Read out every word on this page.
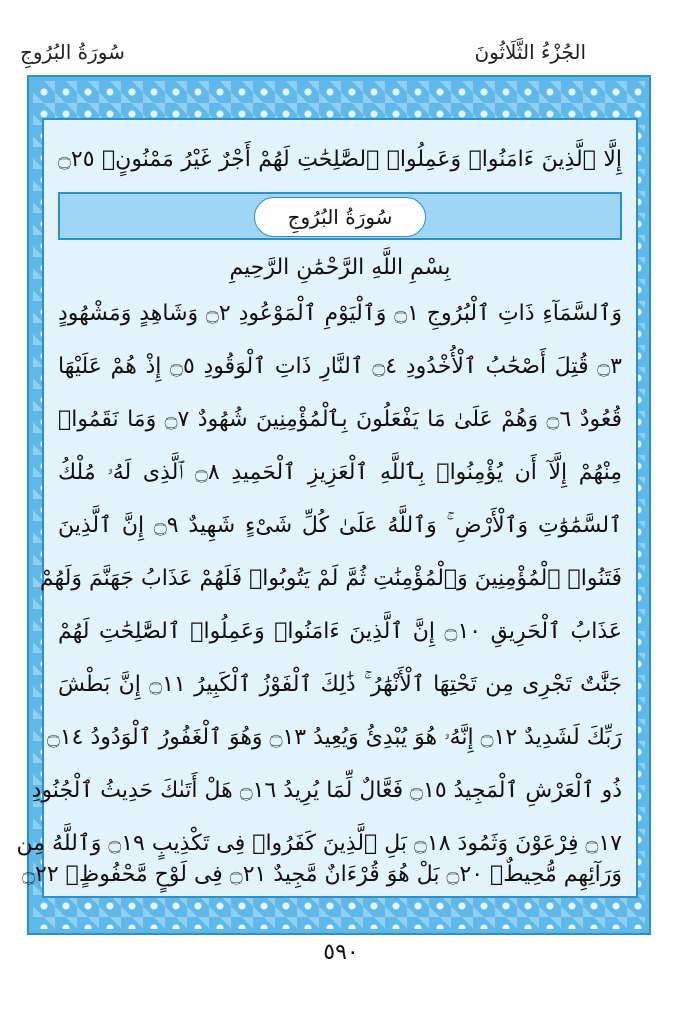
الجُزْءُ الثَّلَاثُونَ
سُورَةُ البُرُوجِ
إِلَّا ٱلَّذِينَ ءَامَنُوا۟ وَعَمِلُوا۟ ٱلصَّٰلِحَٰتِ لَهُمْ أَجْرٌ غَيْرُ مَمْنُونٍۭ ۝٢٥
سُورَةُ البُرُوجِ
بِسْمِ اللَّهِ الرَّحْمَٰنِ الرَّحِيمِ
وَٱلسَّمَآءِ ذَاتِ ٱلْبُرُوجِ ۝١ وَٱلْيَوْمِ ٱلْمَوْعُودِ ۝٢ وَشَاهِدٍ وَمَشْهُودٍ
۝٣ قُتِلَ أَصْحَٰبُ ٱلْأُخْدُودِ ۝٤ ٱلنَّارِ ذَاتِ ٱلْوَقُودِ ۝٥ إِذْ هُمْ عَلَيْهَا
قُعُودٌ ۝٦ وَهُمْ عَلَىٰ مَا يَفْعَلُونَ بِٱلْمُؤْمِنِينَ شُهُودٌ ۝٧ وَمَا نَقَمُوا۟
مِنْهُمْ إِلَّآ أَن يُؤْمِنُوا۟ بِٱللَّهِ ٱلْعَزِيزِ ٱلْحَمِيدِ ۝٨ ٱلَّذِى لَهُۥ مُلْكُ
ٱلسَّمَٰوَٰتِ وَٱلْأَرْضِ ۚ وَٱللَّهُ عَلَىٰ كُلِّ شَىْءٍ شَهِيدٌ ۝٩ إِنَّ ٱلَّذِينَ
فَتَنُوا۟ ٱلْمُؤْمِنِينَ وَٱلْمُؤْمِنَٰتِ ثُمَّ لَمْ يَتُوبُوا۟ فَلَهُمْ عَذَابُ جَهَنَّمَ وَلَهُمْ
عَذَابُ ٱلْحَرِيقِ ۝١٠ إِنَّ ٱلَّذِينَ ءَامَنُوا۟ وَعَمِلُوا۟ ٱلصَّٰلِحَٰتِ لَهُمْ
جَنَّٰتٌ تَجْرِى مِن تَحْتِهَا ٱلْأَنْهَٰرُ ۚ ذَٰلِكَ ٱلْفَوْزُ ٱلْكَبِيرُ ۝١١ إِنَّ بَطْشَ
رَبِّكَ لَشَدِيدٌ ۝١٢ إِنَّهُۥ هُوَ يُبْدِئُ وَيُعِيدُ ۝١٣ وَهُوَ ٱلْغَفُورُ ٱلْوَدُودُ ۝١٤
ذُو ٱلْعَرْشِ ٱلْمَجِيدُ ۝١٥ فَعَّالٌ لِّمَا يُرِيدُ ۝١٦ هَلْ أَتَىٰكَ حَدِيثُ ٱلْجُنُودِ
۝١٧ فِرْعَوْنَ وَثَمُودَ ۝١٨ بَلِ ٱلَّذِينَ كَفَرُوا۟ فِى تَكْذِيبٍ ۝١٩ وَٱللَّهُ مِن
وَرَآئِهِم مُّحِيطٌۢ ۝٢٠ بَلْ هُوَ قُرْءَانٌ مَّجِيدٌ ۝٢١ فِى لَوْحٍ مَّحْفُوظٍۭ ۝٢٢
٥٩٠
